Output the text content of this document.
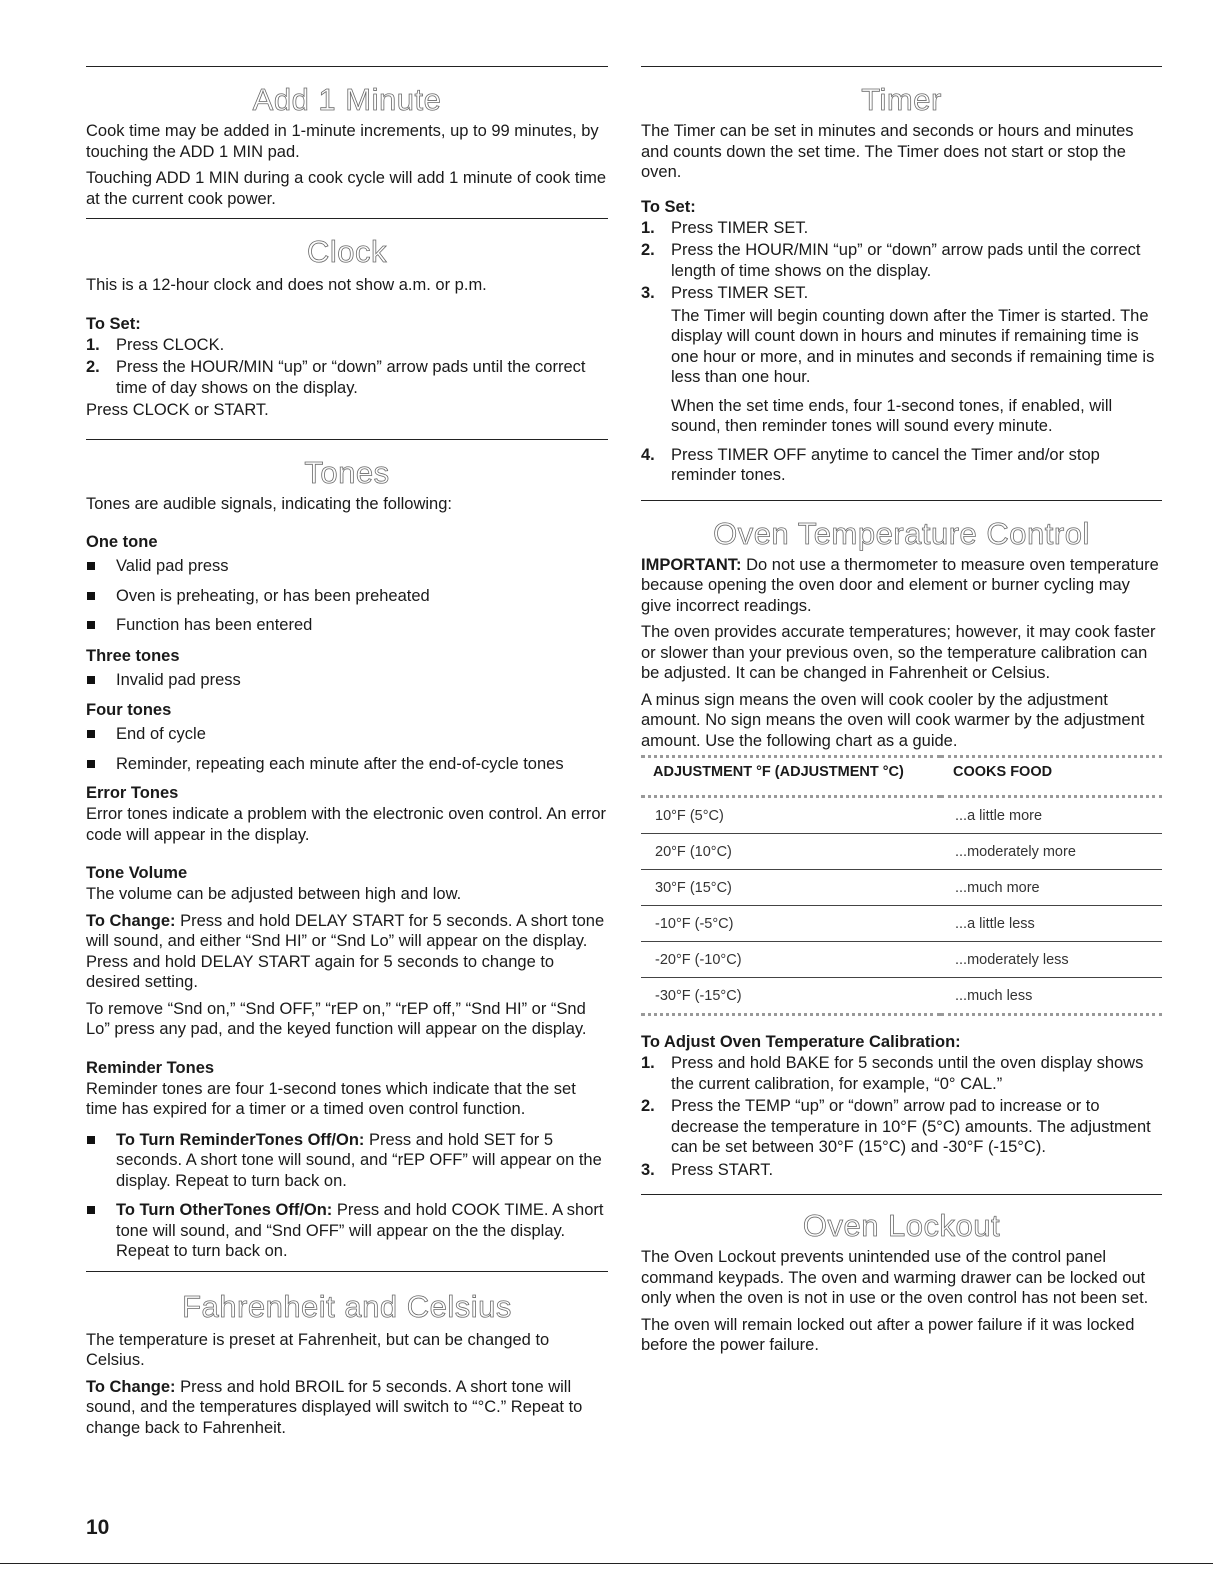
Add 1 Minute

Cook time may be added in 1-minute increments, up to 99 minutes, by touching the ADD 1 MIN pad.

Touching ADD 1 MIN during a cook cycle will add 1 minute of cook time at the current cook power.

Clock

This is a 12-hour clock and does not show a.m. or p.m.

To Set:
1. Press CLOCK.
2. Press the HOUR/MIN “up” or “down” arrow pads until the correct time of day shows on the display.

Press CLOCK or START.

Tones

Tones are audible signals, indicating the following:

One tone
Valid pad press
Oven is preheating, or has been preheated
Function has been entered
Three tones
Invalid pad press
Four tones
End of cycle
Reminder, repeating each minute after the end-of-cycle tones
Error Tones

Error tones indicate a problem with the electronic oven control. An error code will appear in the display.

Tone Volume

The volume can be adjusted between high and low.

To Change: Press and hold DELAY START for 5 seconds. A short tone will sound, and either “Snd HI” or “Snd Lo” will appear on the display. Press and hold DELAY START again for 5 seconds to change to desired setting.

To remove “Snd on,” “Snd OFF,” “rEP on,” “rEP off,” “Snd HI” or “Snd Lo” press any pad, and the keyed function will appear on the display.

Reminder Tones

Reminder tones are four 1-second tones which indicate that the set time has expired for a timer or a timed oven control function.

To Turn ReminderTones Off/On: Press and hold SET for 5 seconds. A short tone will sound, and “rEP OFF” will appear on the display. Repeat to turn back on.
To Turn OtherTones Off/On: Press and hold COOK TIME. A short tone will sound, and “Snd OFF” will appear on the the display. Repeat to turn back on.
Fahrenheit and Celsius

The temperature is preset at Fahrenheit, but can be changed to Celsius.

To Change: Press and hold BROIL for 5 seconds. A short tone will sound, and the temperatures displayed will switch to “°C.” Repeat to change back to Fahrenheit.

Timer

The Timer can be set in minutes and seconds or hours and minutes and counts down the set time. The Timer does not start or stop the oven.

To Set:
1. Press TIMER SET.
2. Press the HOUR/MIN “up” or “down” arrow pads until the correct length of time shows on the display.
3. Press TIMER SET.

The Timer will begin counting down after the Timer is started. The display will count down in hours and minutes if remaining time is one hour or more, and in minutes and seconds if remaining time is less than one hour.

When the set time ends, four 1-second tones, if enabled, will sound, then reminder tones will sound every minute.

4. Press TIMER OFF anytime to cancel the Timer and/or stop reminder tones.
Oven Temperature Control

IMPORTANT: Do not use a thermometer to measure oven temperature because opening the oven door and element or burner cycling may give incorrect readings.

The oven provides accurate temperatures; however, it may cook faster or slower than your previous oven, so the temperature calibration can be adjusted. It can be changed in Fahrenheit or Celsius.

A minus sign means the oven will cook cooler by the adjustment amount. No sign means the oven will cook warmer by the adjustment amount. Use the following chart as a guide.

ADJUSTMENT °F (ADJUSTMENT °C)	COOKS FOOD
10°F (5°C)	...a little more
20°F (10°C)	...moderately more
30°F (15°C)	...much more
-10°F (-5°C)	...a little less
-20°F (-10°C)	...moderately less
-30°F (-15°C)	...much less
To Adjust Oven Temperature Calibration:
1. Press and hold BAKE for 5 seconds until the oven display shows the current calibration, for example, “0° CAL.”
2. Press the TEMP “up” or “down” arrow pad to increase or to decrease the temperature in 10°F (5°C) amounts. The adjustment can be set between 30°F (15°C) and -30°F (-15°C).
3. Press START.
Oven Lockout

The Oven Lockout prevents unintended use of the control panel command keypads. The oven and warming drawer can be locked out only when the oven is not in use or the oven control has not been set.

The oven will remain locked out after a power failure if it was locked before the power failure.

10
